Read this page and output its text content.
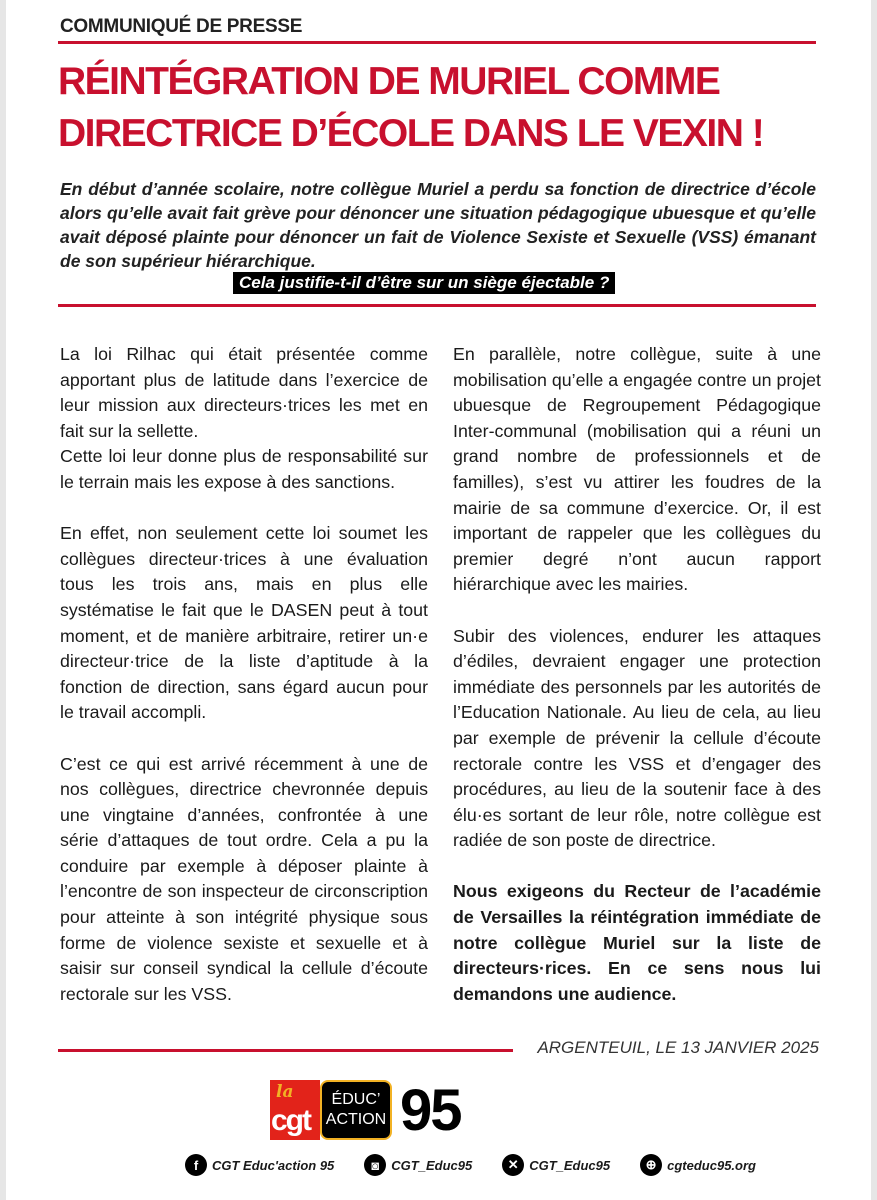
COMMUNIQUÉ DE PRESSE
RÉINTÉGRATION DE MURIEL COMME
DIRECTRICE D’ÉCOLE DANS LE VEXIN !
En début d’année scolaire, notre collègue Muriel a perdu sa fonction de directrice d’école alors qu’elle avait fait grève pour dénoncer une situation pédagogique ubuesque et qu’elle avait déposé plainte pour dénoncer un fait de Violence Sexiste et Sexuelle (VSS) émanant de son supérieur hiérarchique.
Cela justifie-t-il d’être sur un siège éjectable ?

La loi Rilhac qui était présentée comme apportant plus de latitude dans l’exercice de leur mission aux directeurs·trices les met en fait sur la sellette.

Cette loi leur donne plus de responsabilité sur le terrain mais les expose à des sanctions.

En effet, non seulement cette loi soumet les collègues directeur·trices à une évaluation tous les trois ans, mais en plus elle systématise le fait que le DASEN peut à tout moment, et de manière arbitraire, retirer un·e directeur·trice de la liste d’aptitude à la fonction de direction, sans égard aucun pour le travail accompli.

C’est ce qui est arrivé récemment à une de nos collègues, directrice chevronnée depuis une vingtaine d’années, confrontée à une série d’attaques de tout ordre. Cela a pu la conduire par exemple à déposer plainte à l’encontre de son inspecteur de circonscription pour atteinte à son intégrité physique sous forme de violence sexiste et sexuelle et à saisir sur conseil syndical la cellule d’écoute rectorale sur les VSS.

En parallèle, notre collègue, suite à une mobilisation qu’elle a engagée contre un projet ubuesque de Regroupement Pédagogique Inter-communal (mobilisation qui a réuni un grand nombre de professionnels et de familles), s’est vu attirer les foudres de la mairie de sa commune d’exercice. Or, il est important de rappeler que les collègues du premier degré n’ont aucun rapport hiérarchique avec les mairies.

Subir des violences, endurer les attaques d’édiles, devraient engager une protection immédiate des personnels par les autorités de l’Education Nationale. Au lieu de cela, au lieu par exemple de prévenir la cellule d’écoute rectorale contre les VSS et d’engager des procédures, au lieu de la soutenir face à des élu·es sortant de leur rôle, notre collègue est radiée de son poste de directrice.

Nous exigeons du Recteur de l’académie de Versailles la réintégration immédiate de notre collègue Muriel sur la liste de directeurs·rices. En ce sens nous lui demandons une audience.

ARGENTEUIL, LE 13 JANVIER 2025
la
cgt
ÉDUC’
ACTION 95
f	CGT Educ'action 95	◙ CGT_Educ95	✕ CGT_Educ95	⊕ cgteduc95.org
